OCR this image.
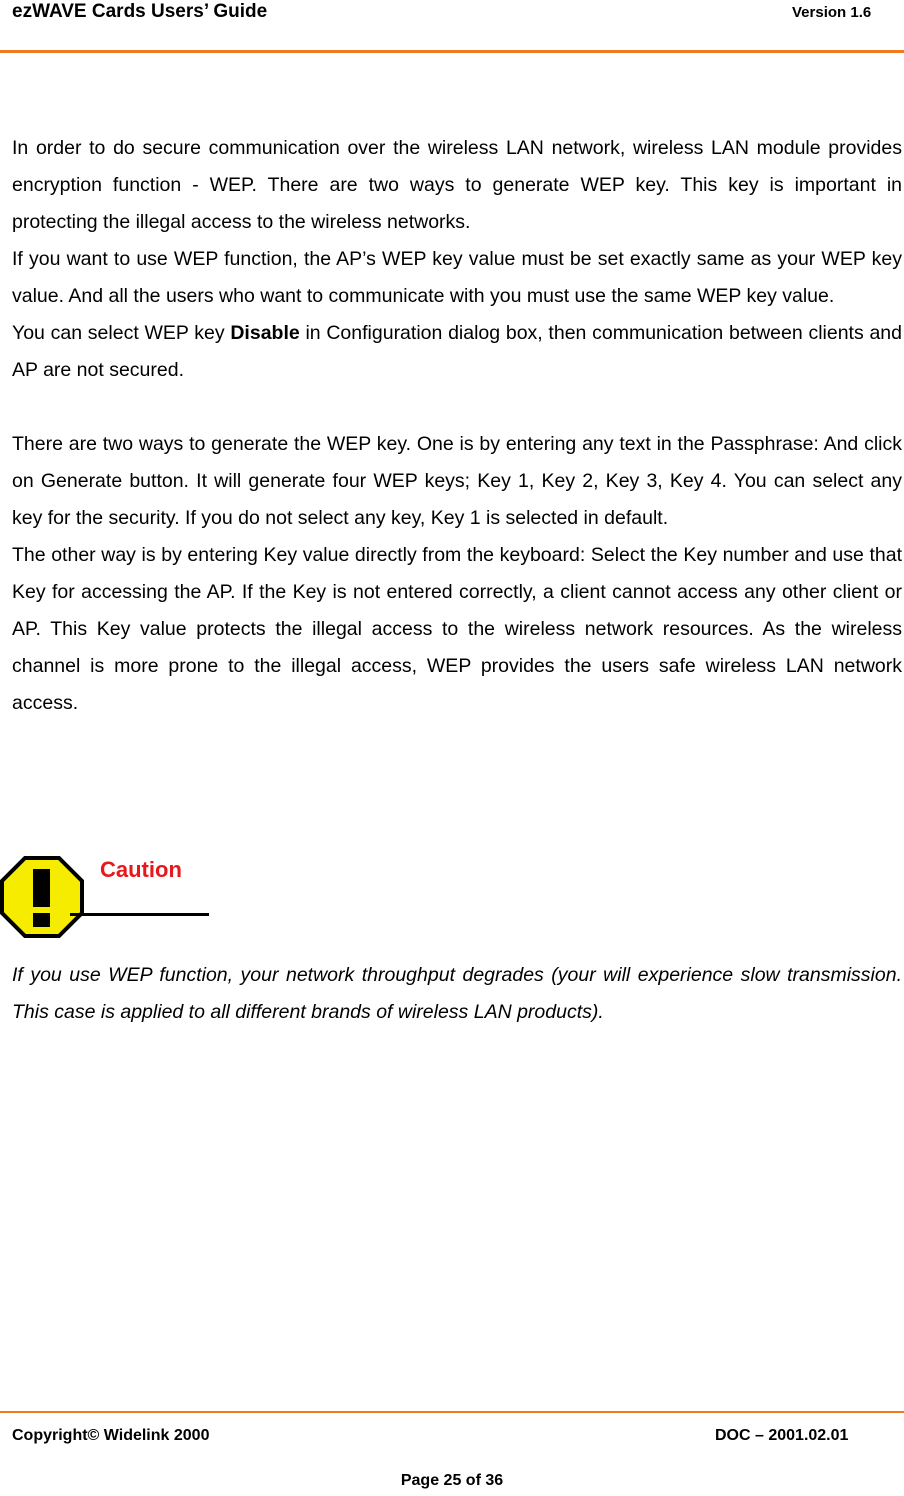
ezWAVE Cards Users’ Guide	Version 1.6

In order to do secure communication over the wireless LAN network, wireless LAN module provides encryption function - WEP. There are two ways to generate WEP key. This key is important in protecting the illegal access to the wireless networks.

If you want to use WEP function, the AP’s WEP key value must be set exactly same as your WEP key value. And all the users who want to communicate with you must use the same WEP key value.

You can select WEP key Disable in Configuration dialog box, then communication between clients and AP are not secured.

There are two ways to generate the WEP key. One is by entering any text in the Passphrase: And click on Generate button. It will generate four WEP keys; Key 1, Key 2, Key 3, Key 4. You can select any key for the security. If you do not select any key, Key 1 is selected in default.

The other way is by entering Key value directly from the keyboard: Select the Key number and use that Key for accessing the AP. If the Key is not entered correctly, a client cannot access any other client or AP. This Key value protects the illegal access to the wireless network resources. As the wireless channel is more prone to the illegal access, WEP provides the users safe wireless LAN network access.

Caution

If you use WEP function, your network throughput degrades (your will experience slow transmission. This case is applied to all different brands of wireless LAN products).

Copyright© Widelink 2000	DOC – 2001.02.01
Page 25 of 36
